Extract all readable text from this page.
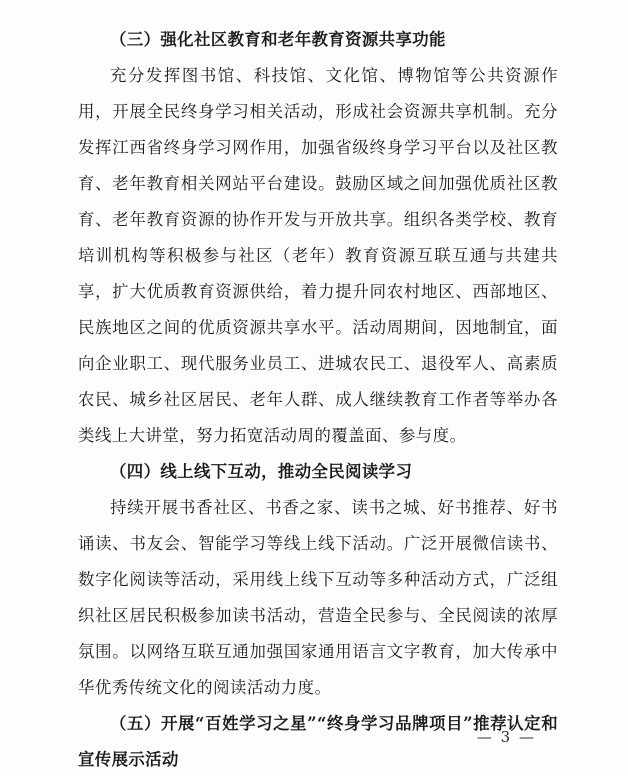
（三）强化社区教育和老年教育资源共享功能

充分发挥图书馆、科技馆、文化馆、博物馆等公共资源作用，开展全民终身学习相关活动，形成社会资源共享机制。充分发挥江西省终身学习网作用，加强省级终身学习平台以及社区教育、老年教育相关网站平台建设。鼓励区域之间加强优质社区教育、老年教育资源的协作开发与开放共享。组织各类学校、教育培训机构等积极参与社区（老年）教育资源互联互通与共建共享，扩大优质教育资源供给，着力提升同农村地区、西部地区、民族地区之间的优质资源共享水平。活动周期间，因地制宜，面向企业职工、现代服务业员工、进城农民工、退役军人、高素质农民、城乡社区居民、老年人群、成人继续教育工作者等举办各类线上大讲堂，努力拓宽活动周的覆盖面、参与度。

（四）线上线下互动，推动全民阅读学习

持续开展书香社区、书香之家、读书之城、好书推荐、好书诵读、书友会、智能学习等线上线下活动。广泛开展微信读书、数字化阅读等活动，采用线上线下互动等多种活动方式，广泛组织社区居民积极参加读书活动，营造全民参与、全民阅读的浓厚氛围。以网络互联互通加强国家通用语言文字教育，加大传承中华优秀传统文化的阅读活动力度。

（五）开展“百姓学习之星”“终身学习品牌项目”推荐认定和宣传展示活动

— 3 —
